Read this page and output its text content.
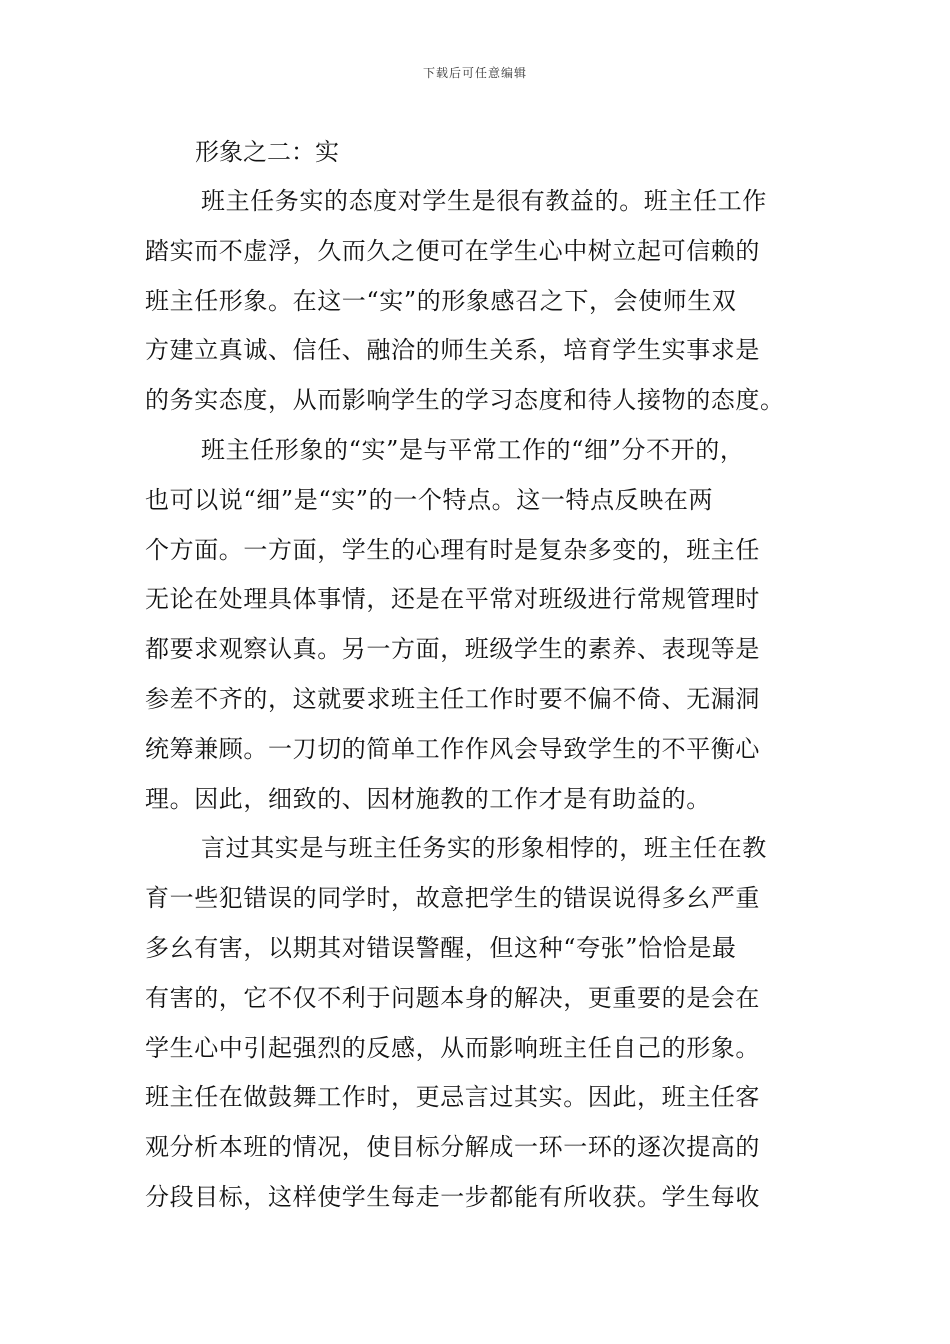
下载后可任意编辑
形象之二：实
班主任务实的态度对学生是很有教益的。班主任工作
踏实而不虚浮，久而久之便可在学生心中树立起可信赖的
班主任形象。在这一“实”的形象感召之下，会使师生双
方建立真诚、信任、融洽的师生关系，培育学生实事求是
的务实态度，从而影响学生的学习态度和待人接物的态度。
班主任形象的“实”是与平常工作的“细”分不开的，
也可以说“细”是“实”的一个特点。这一特点反映在两
个方面。一方面，学生的心理有时是复杂多变的，班主任
无论在处理具体事情，还是在平常对班级进行常规管理时
都要求观察认真。另一方面，班级学生的素养、表现等是
参差不齐的，这就要求班主任工作时要不偏不倚、无漏洞
统筹兼顾。一刀切的简单工作作风会导致学生的不平衡心
理。因此，细致的、因材施教的工作才是有助益的。
言过其实是与班主任务实的形象相悖的，班主任在教
育一些犯错误的同学时，故意把学生的错误说得多幺严重
多幺有害，以期其对错误警醒，但这种“夸张”恰恰是最
有害的，它不仅不利于问题本身的解决，更重要的是会在
学生心中引起强烈的反感，从而影响班主任自己的形象。
班主任在做鼓舞工作时，更忌言过其实。因此，班主任客
观分析本班的情况，使目标分解成一环一环的逐次提高的
分段目标，这样使学生每走一步都能有所收获。学生每收
